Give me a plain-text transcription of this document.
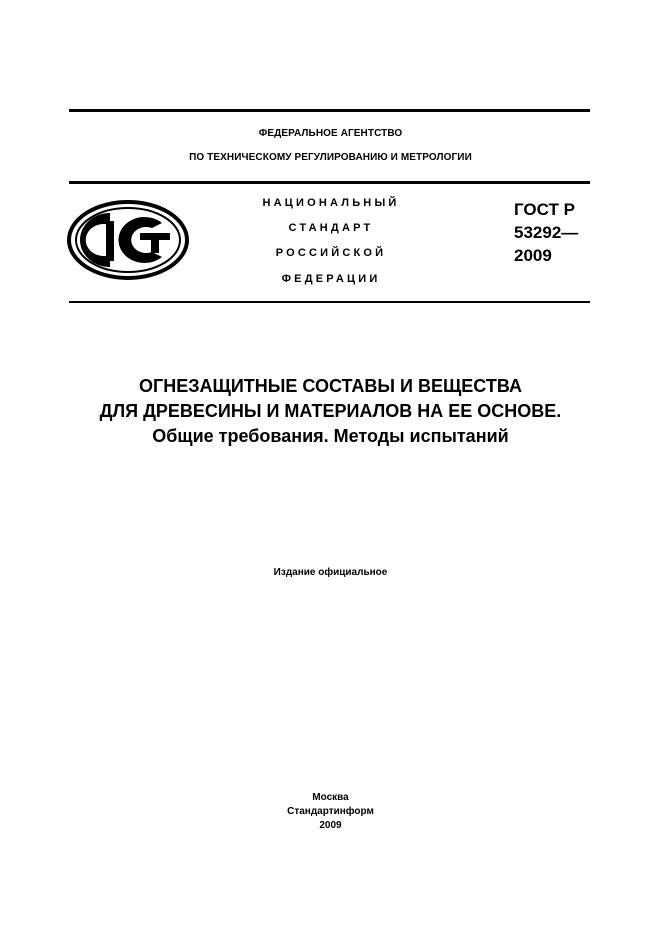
ФЕДЕРАЛЬНОЕ АГЕНТСТВО
ПО ТЕХНИЧЕСКОМУ РЕГУЛИРОВАНИЮ И МЕТРОЛОГИИ
НАЦИОНАЛЬНЫЙ
СТАНДАРТ
РОССИЙСКОЙ
ФЕДЕРАЦИИ
ГОСТ Р
53292—
2009
ОГНЕЗАЩИТНЫЕ СОСТАВЫ И ВЕЩЕСТВА
ДЛЯ ДРЕВЕСИНЫ И МАТЕРИАЛОВ НА ЕЕ ОСНОВЕ.
Общие требования. Методы испытаний
Издание официальное
Москва
Стандартинформ
2009
